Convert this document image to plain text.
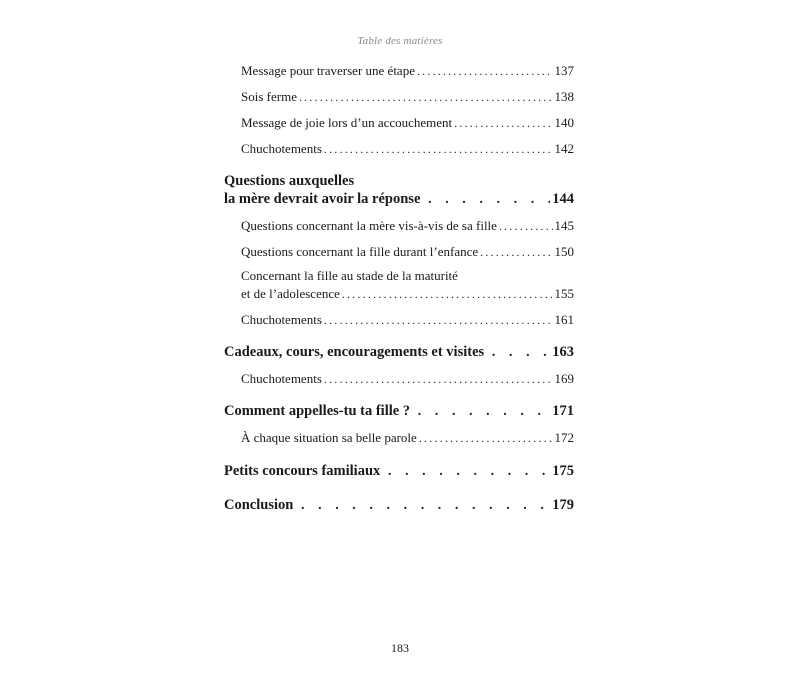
Table des matières
Message pour traverser une étape . . .	137
Sois ferme . . .	138
Message de joie lors d’un accouchement . . .	140
Chuchotements . . .	142
Questions auxquelles
la mère devrait avoir la réponse . .	144
Questions concernant la mère vis-à-vis de sa fille . . .	145
Questions concernant la fille durant l’enfance . . .	150
Concernant la fille au stade de la maturité
et de l’adolescence . . .	155
Chuchotements . . .	161
Cadeaux, cours, encouragements et visites . .	163
Chuchotements . . .	169
Comment appelles-tu ta fille ? . .	171
À chaque situation sa belle parole . . .	172
Petits concours familiaux . .	175
Conclusion . .	179
183
